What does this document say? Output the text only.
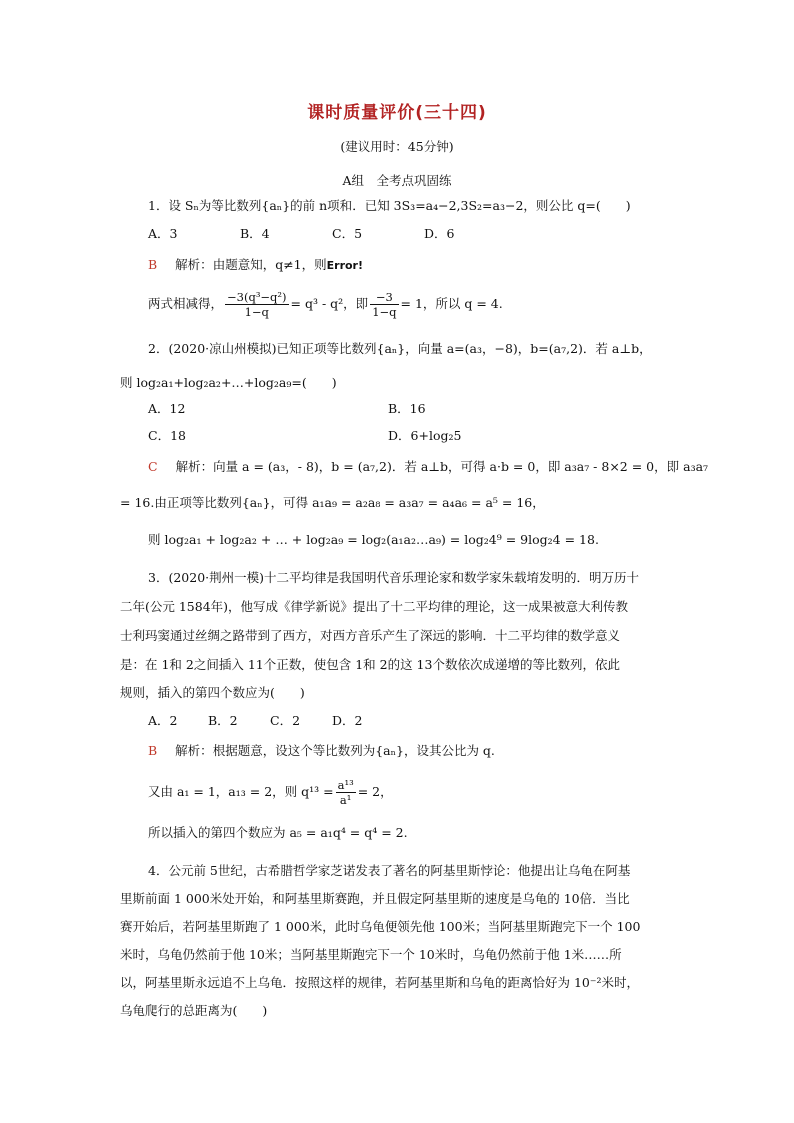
课时质量评价(三十四)
(建议用时：45分钟)
A组　全考点巩固练
1．设 Sₙ为等比数列{aₙ}的前 n项和．已知 3S₃=a₄−2,3S₂=a₃−2，则公比 q=(　　)
A．3	B．4	C．5	D．6
B 解析：由题意知，q≠1，则Error!
两式相减得， $\frac{\text{−3(q³−q²)}}{1-q} = q^3 - q^2$，即 $\frac{-3}{1-q} = 1$，所以 q = 4.
2．(2020·凉山州模拟)已知正项等比数列{aₙ}，向量 a=(a₃，−8)，b=(a₇,2)．若 a⊥b，
则 log₂a₁+log₂a₂+…+log₂a₉=(　　)
A．12	B．16
C．18	D．6+log₂5
C 解析：向量 a = (a₃，- 8)，b = (a₇,2)．若 a⊥b，可得 a·b = 0，即 a₃a₇ - 8×2 = 0，即 a₃a₇
= 16.由正项等比数列{aₙ}，可得 a₁a₉ = a₂a₈ = a₃a₇ = a₄a₆ = a⁵ = 16，
则 log₂a₁ + log₂a₂ + … + log₂a₉ = log₂(a₁a₂…a₉) = log₂4⁹ = 9log₂4 = 18.
3．(2020·荆州一模)十二平均律是我国明代音乐理论家和数学家朱载堉发明的．明万历十
二年(公元 1584年)，他写成《律学新说》提出了十二平均律的理论，这一成果被意大利传教
士利玛窦通过丝绸之路带到了西方，对西方音乐产生了深远的影响．十二平均律的数学意义
是：在 1和 2之间插入 11个正数，使包含 1和 2的这 13个数依次成递增的等比数列，依此
规则，插入的第四个数应为(　　)
A．2 B．2	C．2	D．2
B 解析：根据题意，设这个等比数列为{aₙ}，设其公比为 q.
又由 a₁ = 1，a₁₃ = 2，则 $q^{13} = \frac{\text{a¹³}}{\text{a¹}} = 2$，
所以插入的第四个数应为 a₅ = a₁q⁴ = q⁴ = 2.
4．公元前 5世纪，古希腊哲学家芝诺发表了著名的阿基里斯悖论：他提出让乌龟在阿基
里斯前面 1 000米处开始，和阿基里斯赛跑，并且假定阿基里斯的速度是乌龟的 10倍．当比
赛开始后，若阿基里斯跑了 1 000米，此时乌龟便领先他 100米；当阿基里斯跑完下一个 100
米时，乌龟仍然前于他 10米；当阿基里斯跑完下一个 10米时，乌龟仍然前于他 1米……所
以，阿基里斯永远追不上乌龟．按照这样的规律，若阿基里斯和乌龟的距离恰好为 10⁻²米时，
乌龟爬行的总距离为(　　)
